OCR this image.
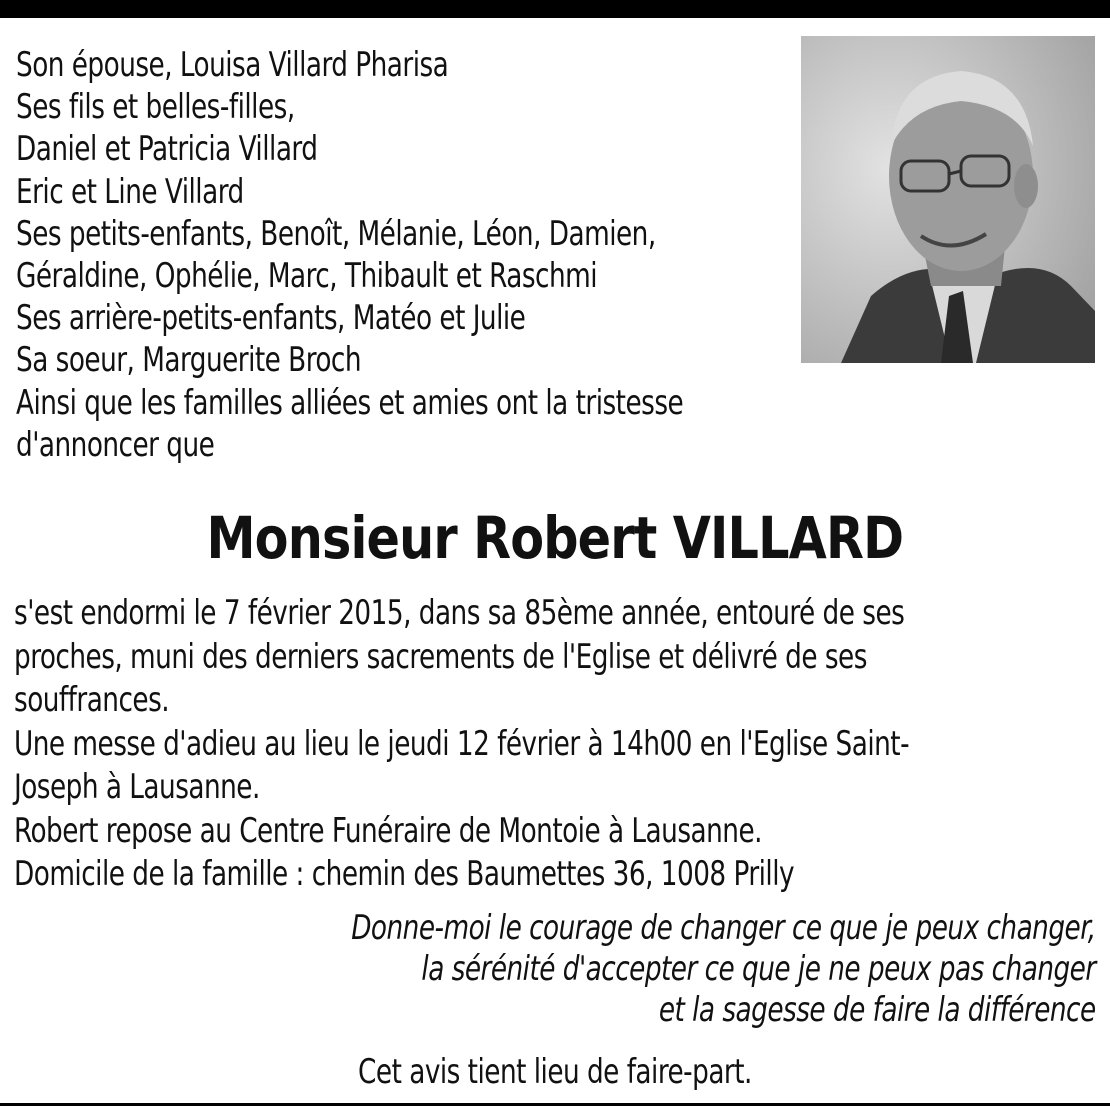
Son épouse, Louisa Villard Pharisa
Ses fils et belles-filles,
Daniel et Patricia Villard
Eric et Line Villard
Ses petits-enfants, Benoît, Mélanie, Léon, Damien,
Géraldine, Ophélie, Marc, Thibault et Raschmi
Ses arrière-petits-enfants, Matéo et Julie
Sa soeur, Marguerite Broch
Ainsi que les familles alliées et amies ont la tristesse
d'annoncer que
Monsieur Robert VILLARD
s'est endormi le 7 février 2015, dans sa 85ème année, entouré de ses
proches, muni des derniers sacrements de l'Eglise et délivré de ses
souffrances.
Une messe d'adieu au lieu le jeudi 12 février à 14h00 en l'Eglise Saint-
Joseph à Lausanne.
Robert repose au Centre Funéraire de Montoie à Lausanne.
Domicile de la famille : chemin des Baumettes 36, 1008 Prilly
Donne-moi le courage de changer ce que je peux changer,
la sérénité d'accepter ce que je ne peux pas changer
et la sagesse de faire la différence
Cet avis tient lieu de faire-part.
